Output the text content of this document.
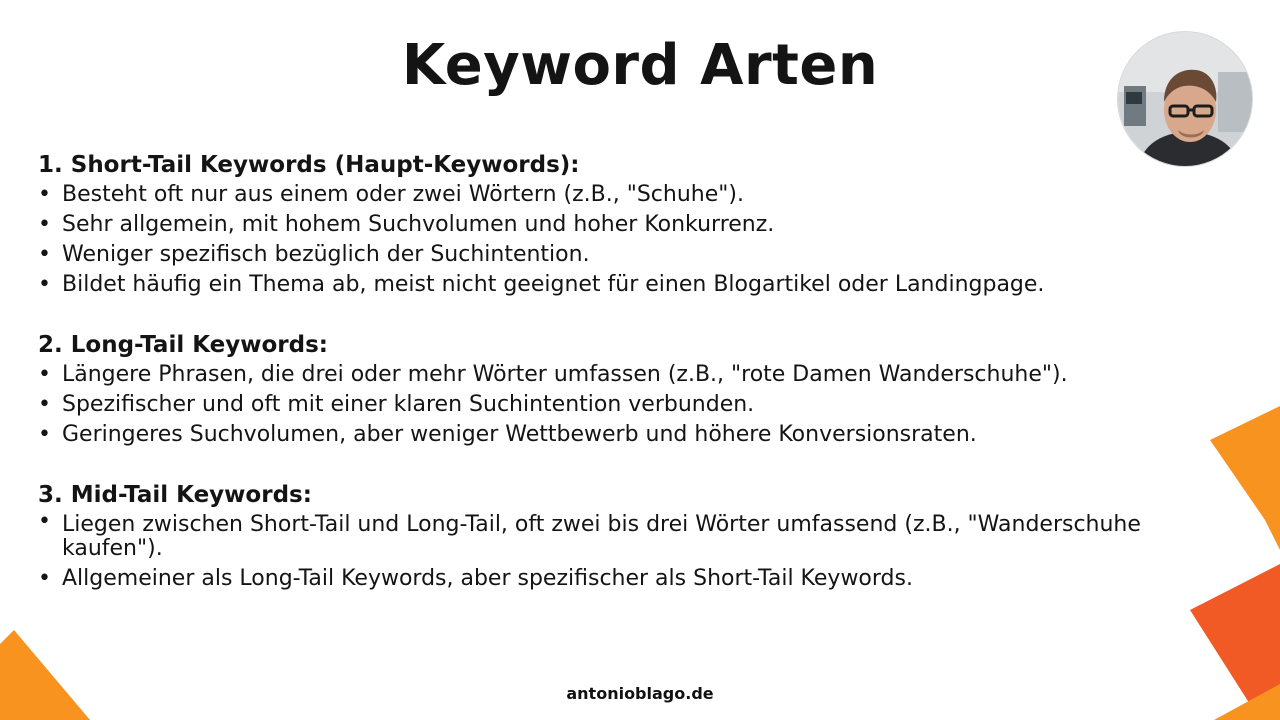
Keyword Arten
1. Short-Tail Keywords (Haupt-Keywords):
• Besteht oft nur aus einem oder zwei Wörtern (z.B., "Schuhe").
• Sehr allgemein, mit hohem Suchvolumen und hoher Konkurrenz.
• Weniger spezifisch bezüglich der Suchintention.
• Bildet häufig ein Thema ab, meist nicht geeignet für einen Blogartikel oder Landingpage.
2. Long-Tail Keywords:
• Längere Phrasen, die drei oder mehr Wörter umfassen (z.B., "rote Damen Wanderschuhe").
• Spezifischer und oft mit einer klaren Suchintention verbunden.
• Geringeres Suchvolumen, aber weniger Wettbewerb und höhere Konversionsraten.
3. Mid-Tail Keywords:
• Liegen zwischen Short-Tail und Long-Tail, oft zwei bis drei Wörter umfassend (z.B., "Wanderschuhe kaufen").
• Allgemeiner als Long-Tail Keywords, aber spezifischer als Short-Tail Keywords.
antonioblago.de
